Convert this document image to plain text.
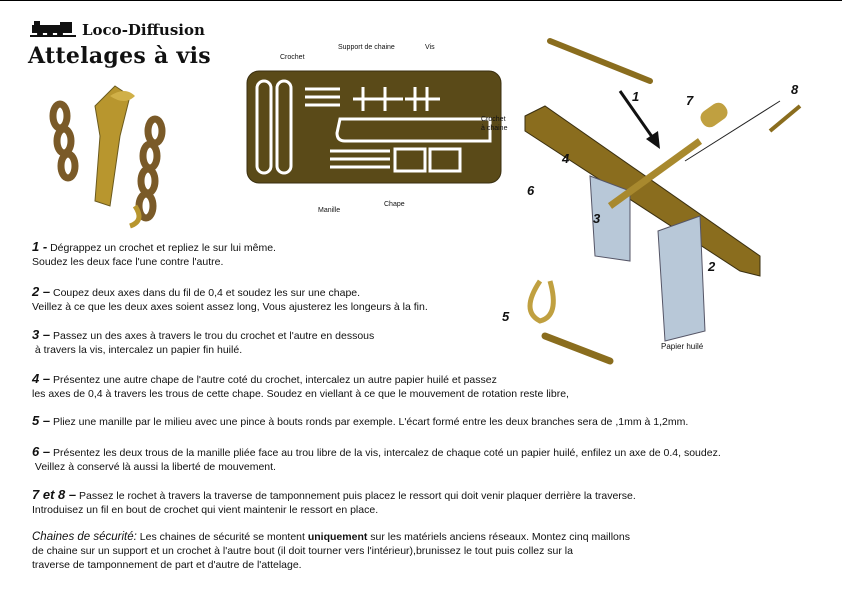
Loco-Diffusion
Attelages à vis	Crochet
Support de chaine	Vis
Crochet
à chaine
Manille
Chape
1
2
3
4
5
6
7
8
Papier huilé
1 - Dégrappez un crochet et repliez le sur lui même.
Soudez les deux face l'une contre l'autre.
2 – Coupez deux axes dans du fil de 0,4 et soudez les sur une chape.
Veillez à ce que les deux axes soient assez long, Vous ajusterez les longeurs à la fin.
3 – Passez un des axes à travers le trou du crochet et l'autre en dessous
à travers la vis, intercalez un papier fin huilé.
4 – Présentez une autre chape de l'autre coté du crochet, intercalez un autre papier huilé et passez
les axes de 0,4 à travers les trous de cette chape. Soudez en viellant à ce que le mouvement de rotation reste libre,
5 – Pliez une manille par le milieu avec une pince à bouts ronds par exemple. L'écart formé entre les deux branches sera de ,1mm à 1,2mm.
6 – Présentez les deux trous de la manille pliée face au trou libre de la vis, intercalez de chaque coté un papier huilé, enfilez un axe de 0.4, soudez.
Veillez à conservé là aussi la liberté de mouvement.
7 et 8 – Passez le rochet à travers la traverse de tamponnement puis placez le ressort qui doit venir plaquer derrière la traverse.
Introduisez un fil en bout de crochet qui vient maintenir le ressort en place.
Chaines de sécurité: Les chaines de sécurité se montent uniquement sur les matériels anciens réseaux. Montez cinq maillons
de chaine sur un support et un crochet à l'autre bout (il doit tourner vers l'intérieur),brunissez le tout puis collez sur la
traverse de tamponnement de part et d'autre de l'attelage.
